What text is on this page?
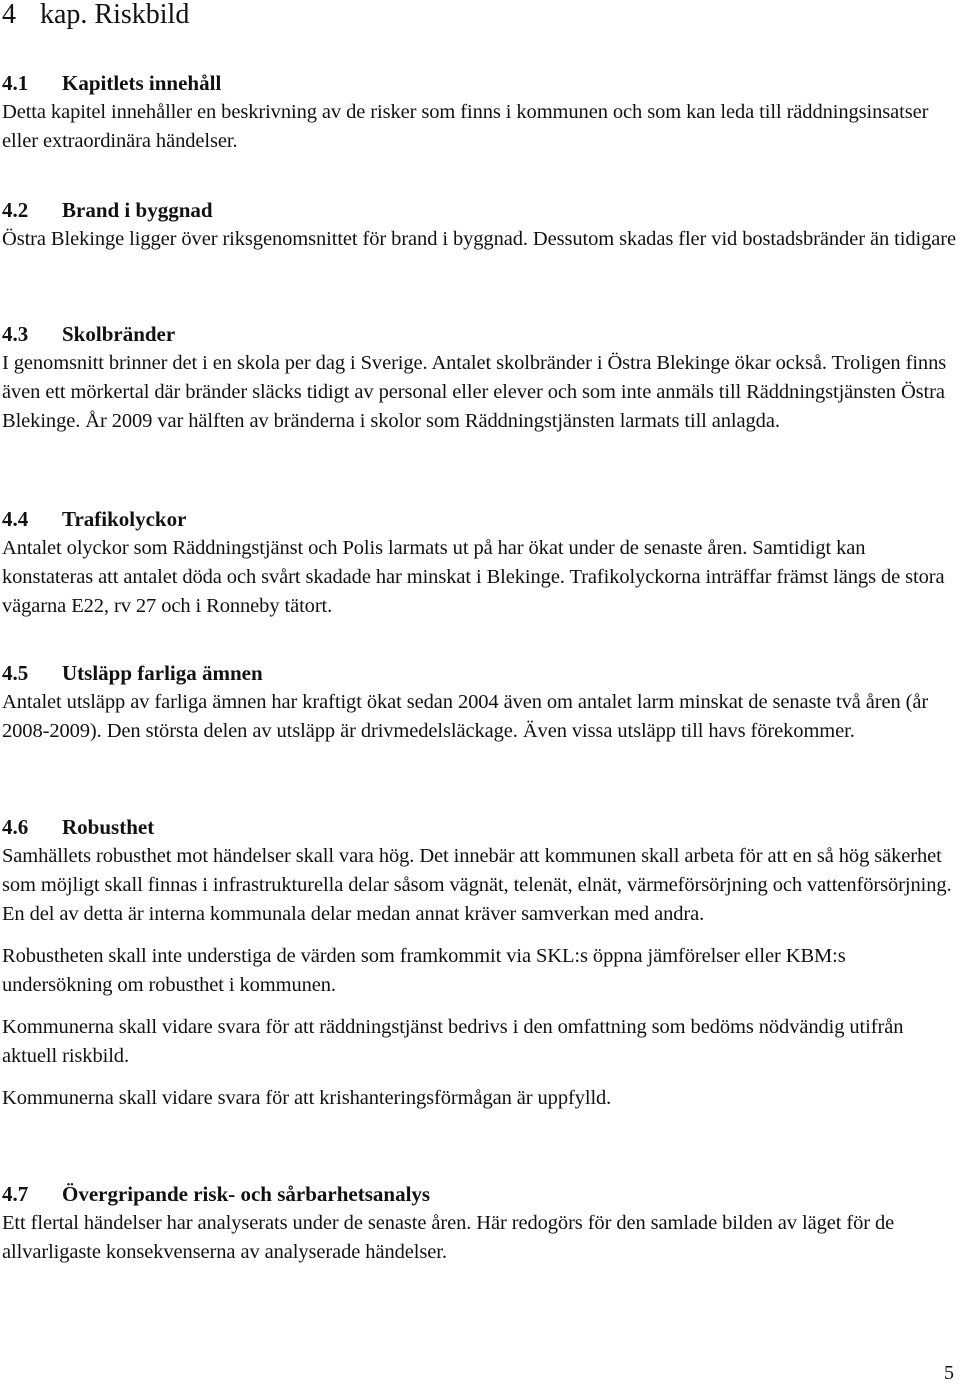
4 kap. Riskbild
4.1 Kapitlets innehåll

Detta kapitel innehåller en beskrivning av de risker som finns i kommunen och som kan leda till räddningsinsatser eller extraordinära händelser.

4.2 Brand i byggnad

Östra Blekinge ligger över riksgenomsnittet för brand i byggnad. Dessutom skadas fler vid bostadsbränder än tidigare

4.3 Skolbränder

I genomsnitt brinner det i en skola per dag i Sverige. Antalet skolbränder i Östra Blekinge ökar också. Troligen finns även ett mörkertal där bränder släcks tidigt av personal eller elever och som inte anmäls till Räddningstjänsten Östra Blekinge. År 2009 var hälften av bränderna i skolor som Räddningstjänsten larmats till anlagda.

4.4 Trafikolyckor

Antalet olyckor som Räddningstjänst och Polis larmats ut på har ökat under de senaste åren. Samtidigt kan konstateras att antalet döda och svårt skadade har minskat i Blekinge. Trafikolyckorna inträffar främst längs de stora vägarna E22, rv 27 och i Ronneby tätort.

4.5 Utsläpp farliga ämnen

Antalet utsläpp av farliga ämnen har kraftigt ökat sedan 2004 även om antalet larm minskat de senaste två åren (år 2008-2009). Den största delen av utsläpp är drivmedelsläckage. Även vissa utsläpp till havs förekommer.

4.6 Robusthet

Samhällets robusthet mot händelser skall vara hög. Det innebär att kommunen skall arbeta för att en så hög säkerhet som möjligt skall finnas i infrastrukturella delar såsom vägnät, telenät, elnät, värmeförsörjning och vattenförsörjning. En del av detta är interna kommunala delar medan annat kräver samverkan med andra.

Robustheten skall inte understiga de värden som framkommit via SKL:s öppna jämförelser eller KBM:s undersökning om robusthet i kommunen.

Kommunerna skall vidare svara för att räddningstjänst bedrivs i den omfattning som bedöms nödvändig utifrån aktuell riskbild.

Kommunerna skall vidare svara för att krishanteringsförmågan är uppfylld.

4.7 Övergripande risk- och sårbarhetsanalys

Ett flertal händelser har analyserats under de senaste åren. Här redogörs för den samlade bilden av läget för de allvarligaste konsekvenserna av analyserade händelser.

5
